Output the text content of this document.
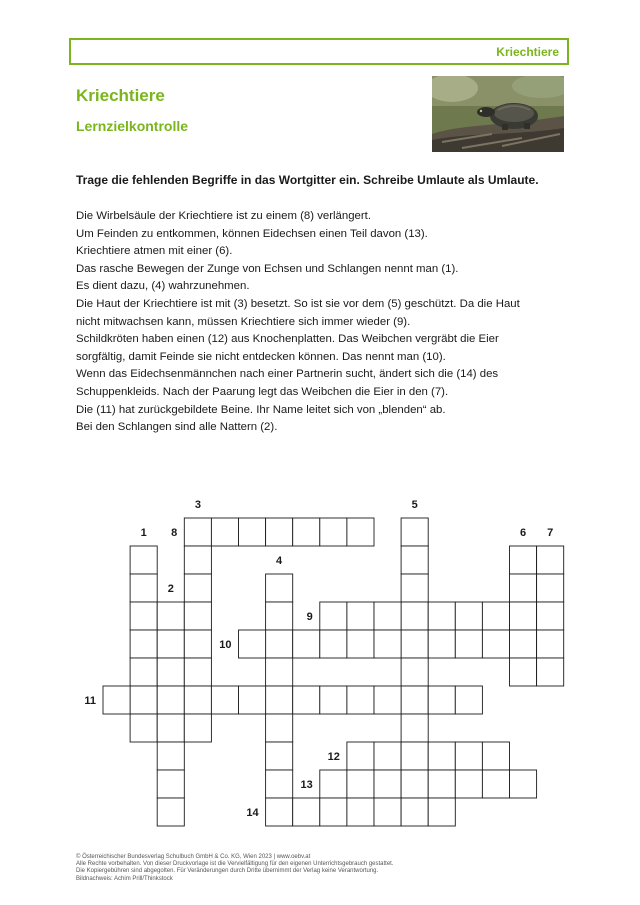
Kriechtiere
Kriechtiere
Lernzielkontrolle
Trage die fehlenden Begriffe in das Wortgitter ein. Schreibe Umlaute als Umlaute.
Die Wirbelsäule der Kriechtiere ist zu einem (8) verlängert.
Um Feinden zu entkommen, können Eidechsen einen Teil davon (13).
Kriechtiere atmen mit einer (6).
Das rasche Bewegen der Zunge von Echsen und Schlangen nennt man (1).
Es dient dazu, (4) wahrzunehmen.
Die Haut der Kriechtiere ist mit (3) besetzt. So ist sie vor dem (5) geschützt. Da die Haut
nicht mitwachsen kann, müssen Kriechtiere sich immer wieder (9).
Schildkröten haben einen (12) aus Knochenplatten. Das Weibchen vergräbt die Eier
sorgfältig, damit Feinde sie nicht entdecken können. Das nennt man (10).
Wenn das Eidechsenmännchen nach einer Partnerin sucht, ändert sich die (14) des
Schuppenkleids. Nach der Paarung legt das Weibchen die Eier in den (7).
Die (11) hat zurückgebildete Beine. Ihr Name leitet sich von „blenden“ ab.
Bei den Schlangen sind alle Nattern (2).
1
2
3
4
5
6 7
8
9
10
11
12
13
14
© Österreichischer Bundesverlag Schulbuch GmbH & Co. KG, Wien 2023 | www.oebv.at
Alle Rechte vorbehalten. Von dieser Druckvorlage ist die Vervielfältigung für den eigenen Unterrichtsgebrauch gestattet.
Die Kopiergebühren sind abgegolten. Für Veränderungen durch Dritte übernimmt der Verlag keine Verantwortung.
Bildnachweis: Achim Prill/Thinkstock
